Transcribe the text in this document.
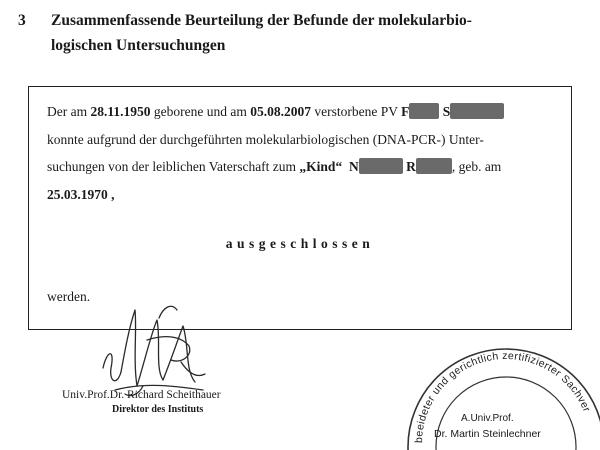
3 Zusammenfassende Beurteilung der Befunde der molekularbio-
logischen Untersuchungen
Der am 28.11.1950 geborene und am 05.08.2007 verstorbene PV F S
konnte aufgrund der durchgeführten molekularbiologischen (DNA-PCR-) Unter-
suchungen von der leiblichen Vaterschaft zum „Kind“ N	R	, geb. am
25.03.1970 ,
ausgeschlossen
werden.
Univ.Prof.Dr. Richard Scheithauer
Direktor des Instituts
beeideter und gerichtlich zertifizierter Sachver
A.Univ.Prof.
Dr. Martin Steinlechner
